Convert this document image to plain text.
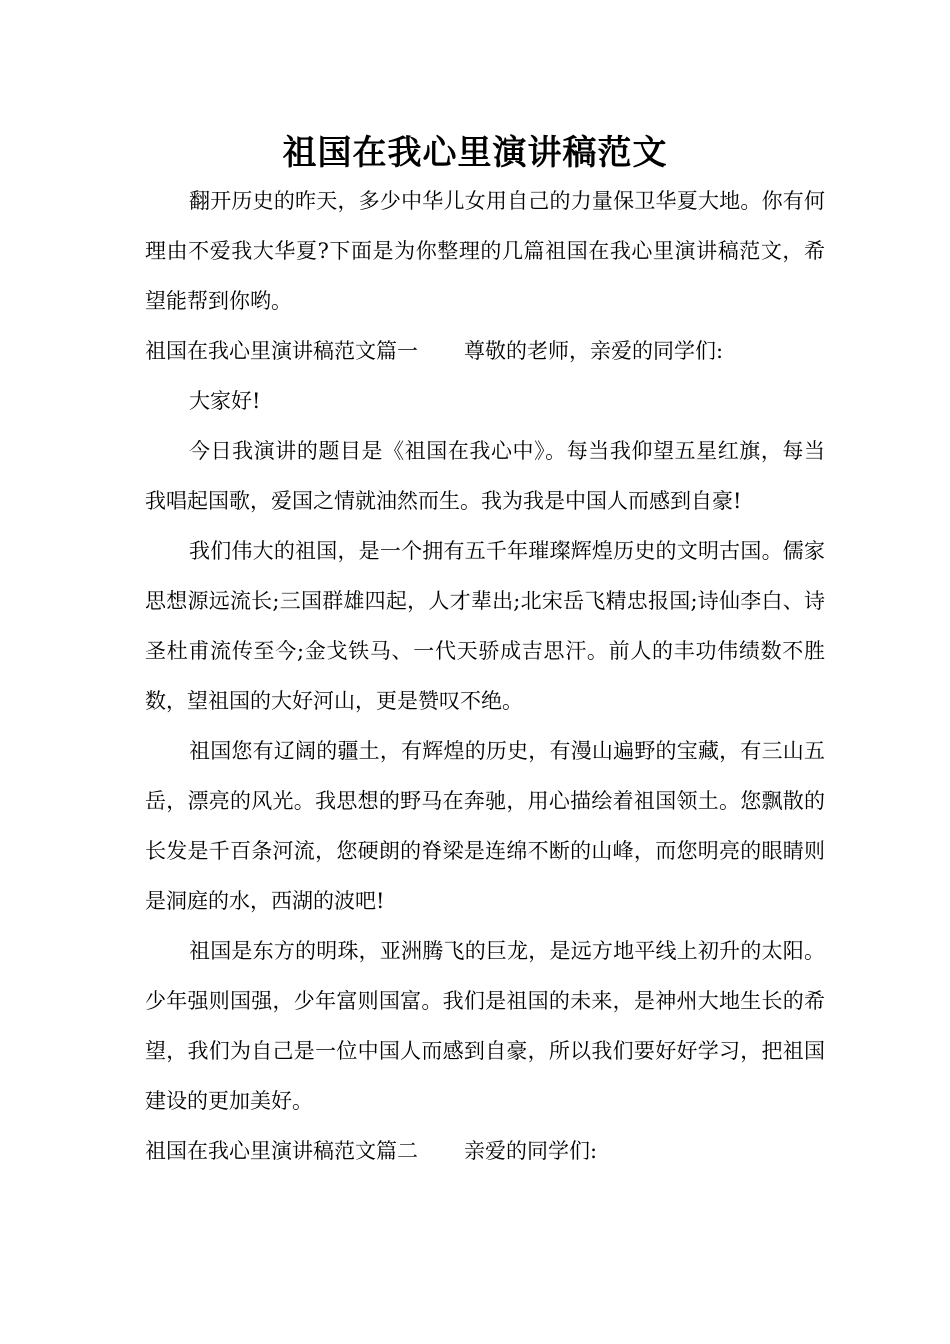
祖国在我心里演讲稿范文

翻开历史的昨天，多少中华儿女用自己的力量保卫华夏大地。你有何理由不爱我大华夏?下面是为你整理的几篇祖国在我心里演讲稿范文，希望能帮到你哟。

祖国在我心里演讲稿范文篇一 尊敬的老师，亲爱的同学们:

大家好!

今日我演讲的题目是《祖国在我心中》。每当我仰望五星红旗，每当我唱起国歌，爱国之情就油然而生。我为我是中国人而感到自豪!

我们伟大的祖国，是一个拥有五千年璀璨辉煌历史的文明古国。儒家思想源远流长;三国群雄四起，人才辈出;北宋岳飞精忠报国;诗仙李白、诗圣杜甫流传至今;金戈铁马、一代天骄成吉思汗。前人的丰功伟绩数不胜数，望祖国的大好河山，更是赞叹不绝。

祖国您有辽阔的疆土，有辉煌的历史，有漫山遍野的宝藏，有三山五岳，漂亮的风光。我思想的野马在奔驰，用心描绘着祖国领土。您飘散的长发是千百条河流，您硬朗的脊梁是连绵不断的山峰，而您明亮的眼睛则是洞庭的水，西湖的波吧!

祖国是东方的明珠，亚洲腾飞的巨龙，是远方地平线上初升的太阳。少年强则国强，少年富则国富。我们是祖国的未来，是神州大地生长的希望，我们为自己是一位中国人而感到自豪，所以我们要好好学习，把祖国建设的更加美好。

祖国在我心里演讲稿范文篇二 亲爱的同学们:
